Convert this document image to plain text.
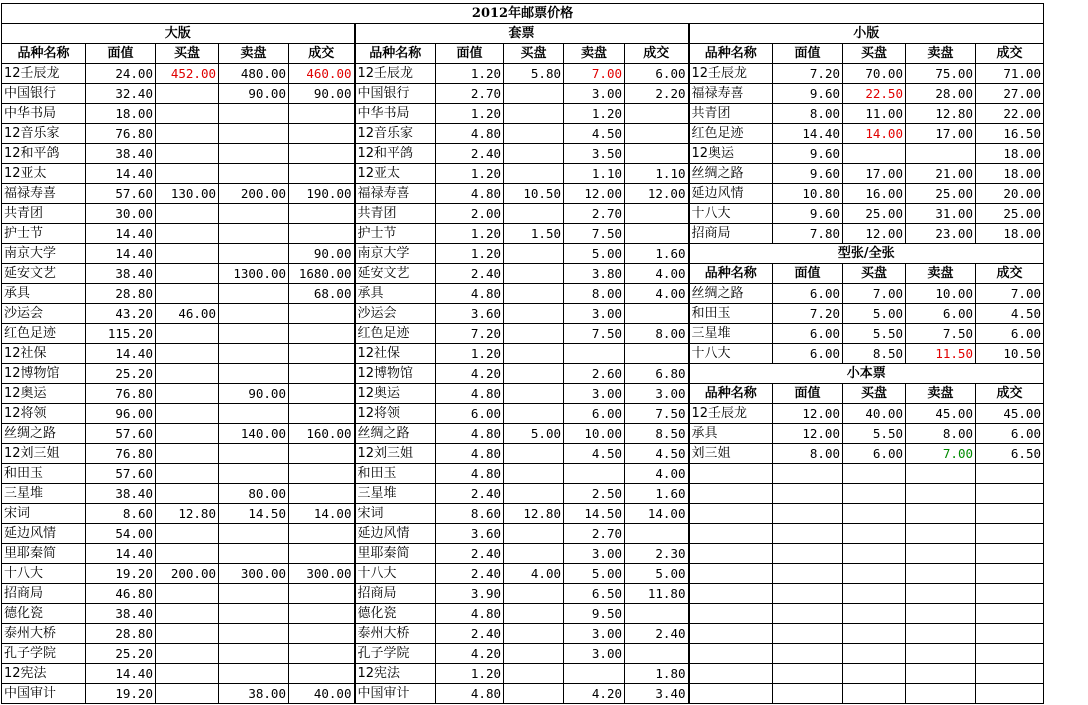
2012年邮票价格														
大版					套票					小版				
品种名称	面值	买盘	卖盘	成交	品种名称	面值	买盘	卖盘	成交	品种名称	面值	买盘	卖盘	成交
12壬辰龙	24.00	452.00	480.00	460.00	12壬辰龙	1.20	5.80	7.00	6.00	12壬辰龙	7.20	70.00	75.00	71.00
中国银行	32.40		90.00	90.00	中国银行	2.70		3.00	2.20	福禄寿喜	9.60	22.50	28.00	27.00
中华书局	18.00				中华书局	1.20		1.20		共青团	8.00	11.00	12.80	22.00
12音乐家	76.80				12音乐家	4.80		4.50		红色足迹	14.40	14.00	17.00	16.50
12和平鸽	38.40				12和平鸽	2.40		3.50		12奥运	9.60			18.00
12亚太	14.40				12亚太	1.20		1.10	1.10	丝绸之路	9.60	17.00	21.00	18.00
福禄寿喜	57.60	130.00	200.00	190.00	福禄寿喜	4.80	10.50	12.00	12.00	延边风情	10.80	16.00	25.00	20.00
共青团	30.00				共青团	2.00		2.70		十八大	9.60	25.00	31.00	25.00
护士节	14.40				护士节	1.20	1.50	7.50		招商局	7.80	12.00	23.00	18.00
南京大学	14.40			90.00	南京大学	1.20		5.00	1.60	型张/全张				
延安文艺	38.40		1300.00	1680.00	延安文艺	2.40		3.80	4.00	品种名称	面值	买盘	卖盘	成交
承具	28.80			68.00	承具	4.80		8.00	4.00	丝绸之路	6.00	7.00	10.00	7.00
沙运会	43.20	46.00			沙运会	3.60		3.00		和田玉	7.20	5.00	6.00	4.50
红色足迹	115.20				红色足迹	7.20		7.50	8.00	三星堆	6.00	5.50	7.50	6.00
12社保	14.40				12社保	1.20				十八大	6.00	8.50	11.50	10.50
12博物馆	25.20				12博物馆	4.20		2.60	6.80	小本票				
12奥运	76.80		90.00		12奥运	4.80		3.00	3.00	品种名称	面值	买盘	卖盘	成交
12将领	96.00				12将领	6.00		6.00	7.50	12壬辰龙	12.00	40.00	45.00	45.00
丝绸之路	57.60		140.00	160.00	丝绸之路	4.80	5.00	10.00	8.50	承具	12.00	5.50	8.00	6.00
12刘三姐	76.80				12刘三姐	4.80		4.50	4.50	刘三姐	8.00	6.00	7.00	6.50
和田玉	57.60				和田玉	4.80			4.00					
三星堆	38.40		80.00		三星堆	2.40		2.50	1.60					
宋词	8.60	12.80	14.50	14.00	宋词	8.60	12.80	14.50	14.00					
延边风情	54.00				延边风情	3.60		2.70						
里耶秦简	14.40				里耶秦简	2.40		3.00	2.30					
十八大	19.20	200.00	300.00	300.00	十八大	2.40	4.00	5.00	5.00					
招商局	46.80				招商局	3.90		6.50	11.80					
德化瓷	38.40				德化瓷	4.80		9.50						
泰州大桥	28.80				泰州大桥	2.40		3.00	2.40					
孔子学院	25.20				孔子学院	4.20		3.00						
12宪法	14.40				12宪法	1.20			1.80					
中国审计	19.20		38.00	40.00	中国审计	4.80		4.20	3.40					
